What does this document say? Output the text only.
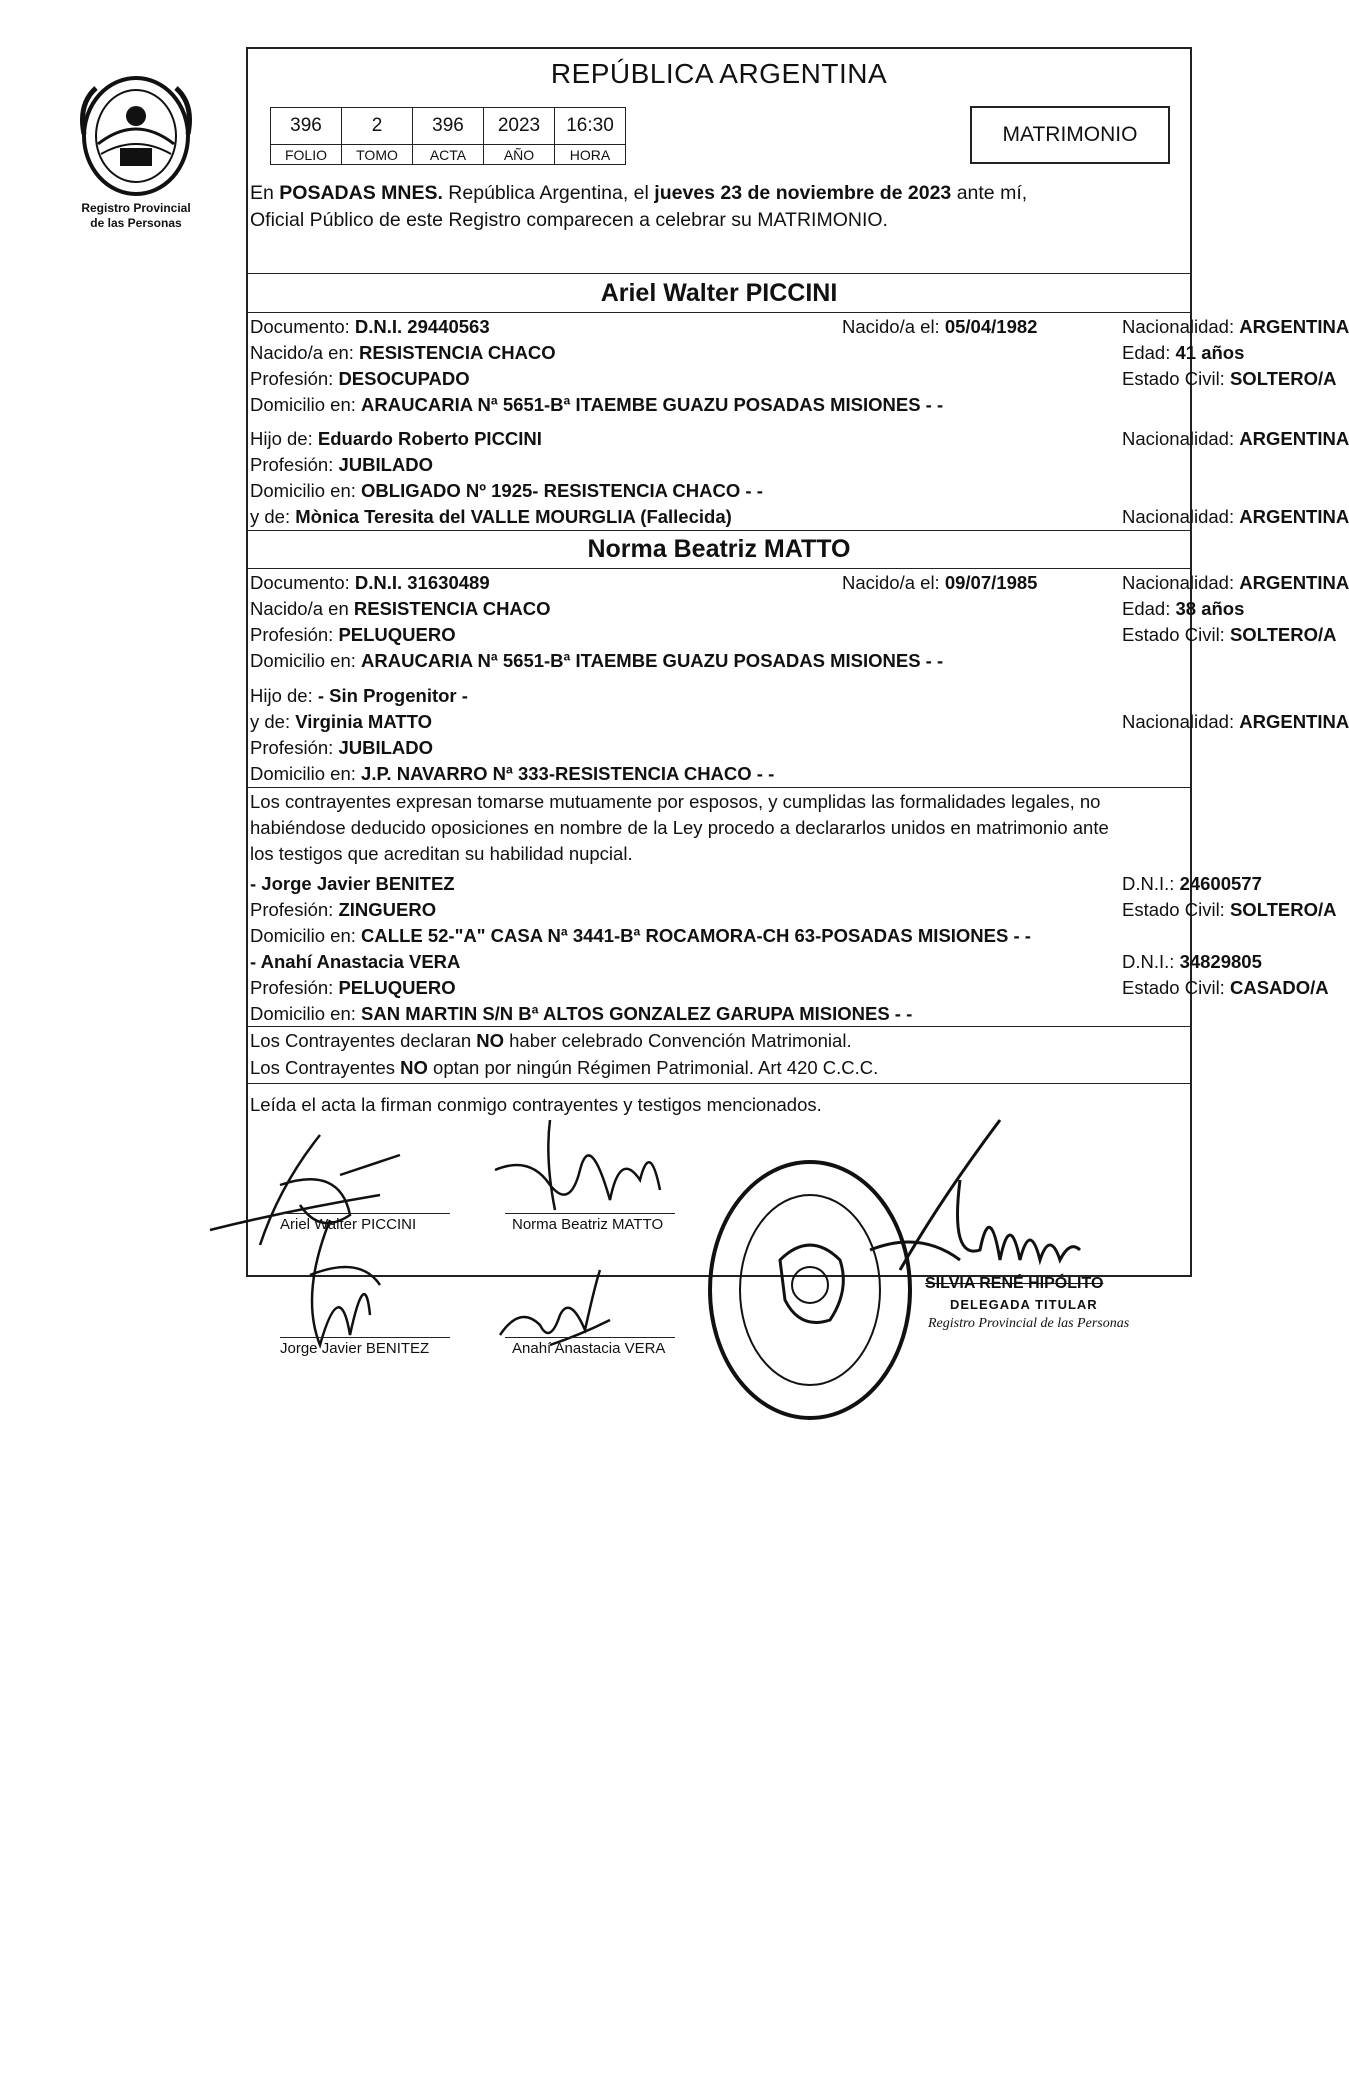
Registro Provincial
de las Personas
REPÚBLICA ARGENTINA
396	2	396	2023	16:30
FOLIO	TOMO	ACTA	AÑO	HORA
MATRIMONIO
En POSADAS MNES. República Argentina, el jueves 23 de noviembre de 2023 ante mí,
Oficial Público de este Registro comparecen a celebrar su MATRIMONIO.
Ariel Walter PICCINI
Documento: D.N.I. 29440563	Nacido/a el: 05/04/1982	Nacionalidad: ARGENTINA
Nacido/a en: RESISTENCIA CHACO	Edad: 41 años
Profesión: DESOCUPADO	Estado Civil: SOLTERO/A
Domicilio en: ARAUCARIA Nª 5651-Bª ITAEMBE GUAZU POSADAS MISIONES - -
Hijo de: Eduardo Roberto PICCINI	Nacionalidad: ARGENTINA
Profesión: JUBILADO
Domicilio en: OBLIGADO Nº 1925- RESISTENCIA CHACO - -
y de: Mònica Teresita del VALLE MOURGLIA (Fallecida)	Nacionalidad: ARGENTINA
Norma Beatriz MATTO
Documento: D.N.I. 31630489	Nacido/a el: 09/07/1985	Nacionalidad: ARGENTINA
Nacido/a en RESISTENCIA CHACO	Edad: 38 años
Profesión: PELUQUERO	Estado Civil: SOLTERO/A
Domicilio en: ARAUCARIA Nª 5651-Bª ITAEMBE GUAZU POSADAS MISIONES - -
Hijo de: - Sin Progenitor -
y de: Virginia MATTO	Nacionalidad: ARGENTINA
Profesión: JUBILADO
Domicilio en: J.P. NAVARRO Nª 333-RESISTENCIA CHACO - -
Los contrayentes expresan tomarse mutuamente por esposos, y cumplidas las formalidades legales, no
habiéndose deducido oposiciones en nombre de la Ley procedo a declararlos unidos en matrimonio ante
los testigos que acreditan su habilidad nupcial.
- Jorge Javier BENITEZ	D.N.I.: 24600577
Profesión: ZINGUERO	Estado Civil: SOLTERO/A
Domicilio en: CALLE 52-"A" CASA Nª 3441-Bª ROCAMORA-CH 63-POSADAS MISIONES - -
- Anahí Anastacia VERA	D.N.I.: 34829805
Profesión: PELUQUERO	Estado Civil: CASADO/A
Domicilio en: SAN MARTIN S/N Bª ALTOS GONZALEZ GARUPA MISIONES - -
Los Contrayentes declaran NO haber celebrado Convención Matrimonial.
Los Contrayentes NO optan por ningún Régimen Patrimonial. Art 420 C.C.C.
Leída el acta la firman conmigo contrayentes y testigos mencionados.
Ariel Walter PICCINI	Norma Beatriz MATTO
Jorge Javier BENITEZ	Anahí Anastacia VERA
SILVIA RENÉ HIPÓLITO
DELEGADA TITULAR
Registro Provincial de las Personas
